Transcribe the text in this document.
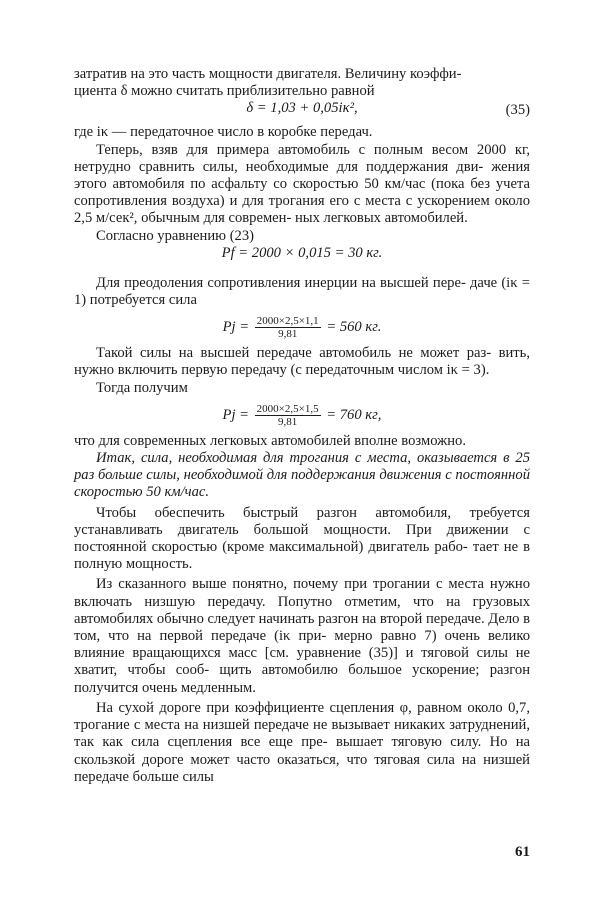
затратив на это часть мощности двигателя. Величину коэффи-

циента δ можно считать приблизительно равной

δ = 1,03 + 0,05iκ²,	(35)

где iκ — передаточное число в коробке передач.

Теперь, взяв для примера автомобиль с полным весом 2000 кг, нетрудно сравнить силы, необходимые для поддержания дви- жения этого автомобиля по асфальту со скоростью 50 км/час (пока без учета сопротивления воздуха) и для трогания его с места с ускорением около 2,5 м/сек², обычным для современ- ных легковых автомобилей.

Согласно уравнению (23)

Pf = 2000 × 0,015 = 30 кг.

Для преодоления сопротивления инерции на высшей пере- даче (iκ = 1) потребуется сила

$Pj = \frac{2000\times 2,5\times 1,1}{9,81} = 560$ кг.

Такой силы на высшей передаче автомобиль не может раз- вить, нужно включить первую передачу (с передаточным числом iκ = 3).

Тогда получим

$Pj = \frac{2000\times 2,5\times 1,5}{9,81} = 760$ кг,

что для современных легковых автомобилей вполне возможно.

Итак, сила, необходимая для трогания с места, оказывается в 25 раз больше силы, необходимой для поддержания движения с постоянной скоростью 50 км/час.

Чтобы обеспечить быстрый разгон автомобиля, требуется устанавливать двигатель большой мощности. При движении с постоянной скоростью (кроме максимальной) двигатель рабо- тает не в полную мощность.

Из сказанного выше понятно, почему при трогании с места нужно включать низшую передачу. Попутно отметим, что на грузовых автомобилях обычно следует начинать разгон на второй передаче. Дело в том, что на первой передаче (iκ при- мерно равно 7) очень велико влияние вращающихся масс [см. уравнение (35)] и тяговой силы не хватит, чтобы сооб- щить автомобилю большое ускорение; разгон получится очень медленным.

На сухой дороге при коэффициенте сцепления φ, равном около 0,7, трогание с места на низшей передаче не вызывает никаких затруднений, так как сила сцепления все еще пре- вышает тяговую силу. Но на скользкой дороге может часто оказаться, что тяговая сила на низшей передаче больше силы

61
